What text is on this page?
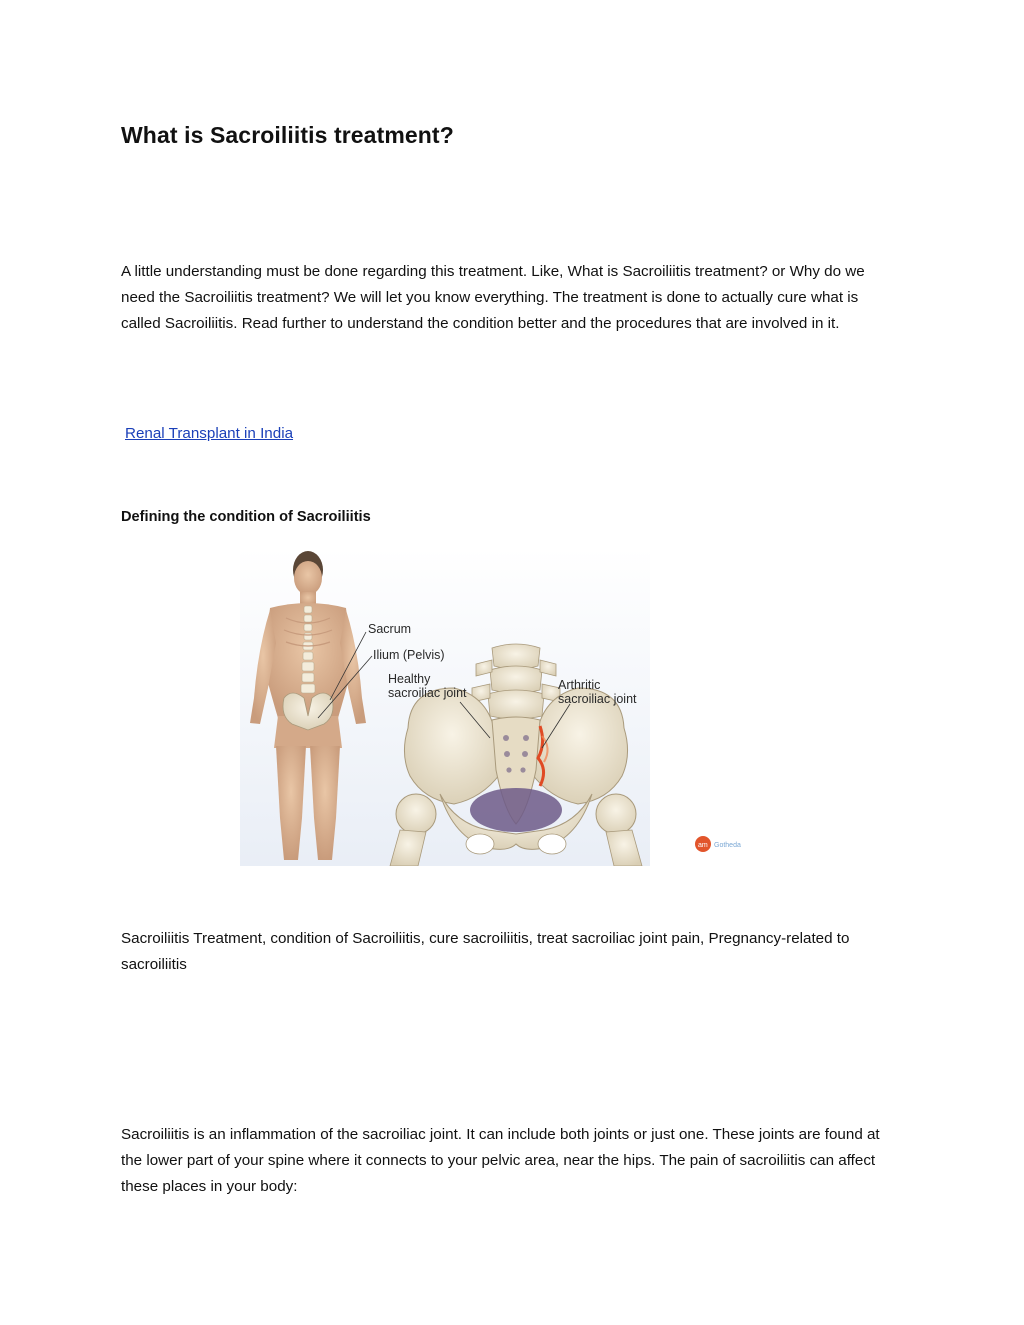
What is Sacroiliitis treatment?

A little understanding must be done regarding this treatment. Like, What is Sacroiliitis treatment? or Why do we need the Sacroiliitis treatment? We will let you know everything. The treatment is done to actually cure what is called Sacroiliitis. Read further to understand the condition better and the procedures that are involved in it.

Renal Transplant in India

Defining the condition of Sacroiliitis
Sacrum
Ilium (Pelvis)
Healthy
sacroiliac joint
Arthritic
sacroiliac joint
am Gotheda

Sacroiliitis Treatment, condition of Sacroiliitis, cure sacroiliitis, treat sacroiliac joint pain, Pregnancy-related to sacroiliitis

Sacroiliitis is an inflammation of the sacroiliac joint. It can include both joints or just one. These joints are found at the lower part of your spine where it connects to your pelvic area, near the hips. The pain of sacroiliitis can affect these places in your body:
